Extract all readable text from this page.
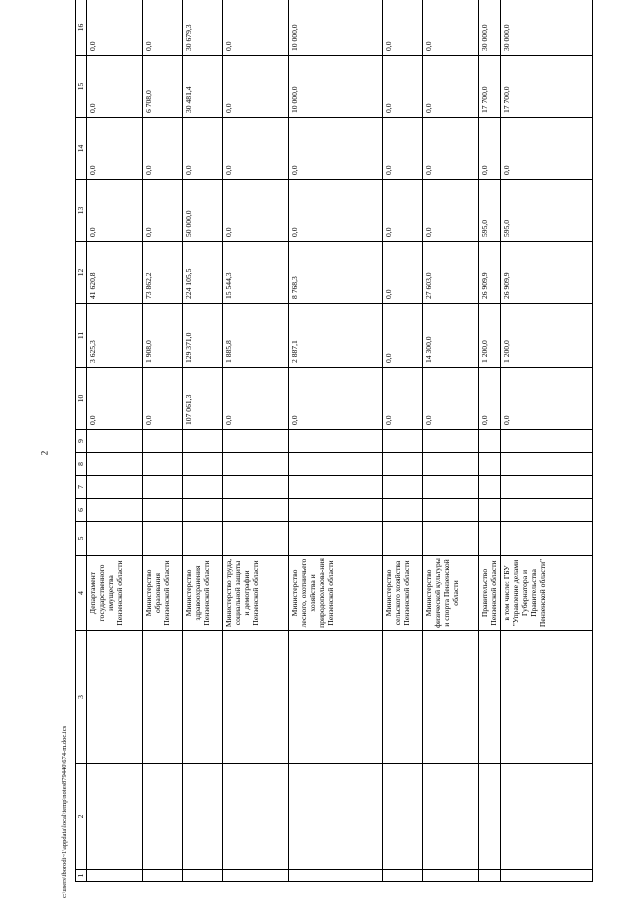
2
1	2	3	4	5	6	7	8	9	10	11	12	13	14	15	16
			Департамент государственного имущества Пензенской области						0,0	3 625,3	41 620,8	0,0	0,0	0,0	0,0
			Министерство образования Пензенской области						0,0	1 908,0	73 862,2	0,0	0,0	6 708,0	0,0
			Министерство здравоохранения Пензенской области						107 061,3	129 371,0	224 105,5	50 000,0	0,0	30 481,4	30 679,3
			Министерство труда, социальной защиты и демографии Пензенской области						0,0	1 885,8	15 544,3	0,0	0,0	0,0	0,0
			Министерство лесного, охотничьего хозяйства и природопользова-ния Пензенской области						0,0	2 887,1	8 768,3	0,0	0,0	10 000,0	10 000,0
			Министерство сельского хозяйства Пензенской области						0,0	0,0	0,0	0,0	0,0	0,0	0,0
			Министерство физической культуры и спорта Пензенской области						0,0	14 300,0	27 603,0	0,0	0,0	0,0	0,0
			Правительство Пензенской области						0,0	1 200,0	26 909,9	595,0	0,0	17 700,0	30 000,0
			в том числе: ГБУ "Управление делами Губернатора и Правительства Пензенской области"						0,0	1 200,0	26 909,9	595,0	0,0	17 700,0	30 000,0
c:\users\iborodi~1\appdata\local\temp\notes879440\674-m.doc.ics
